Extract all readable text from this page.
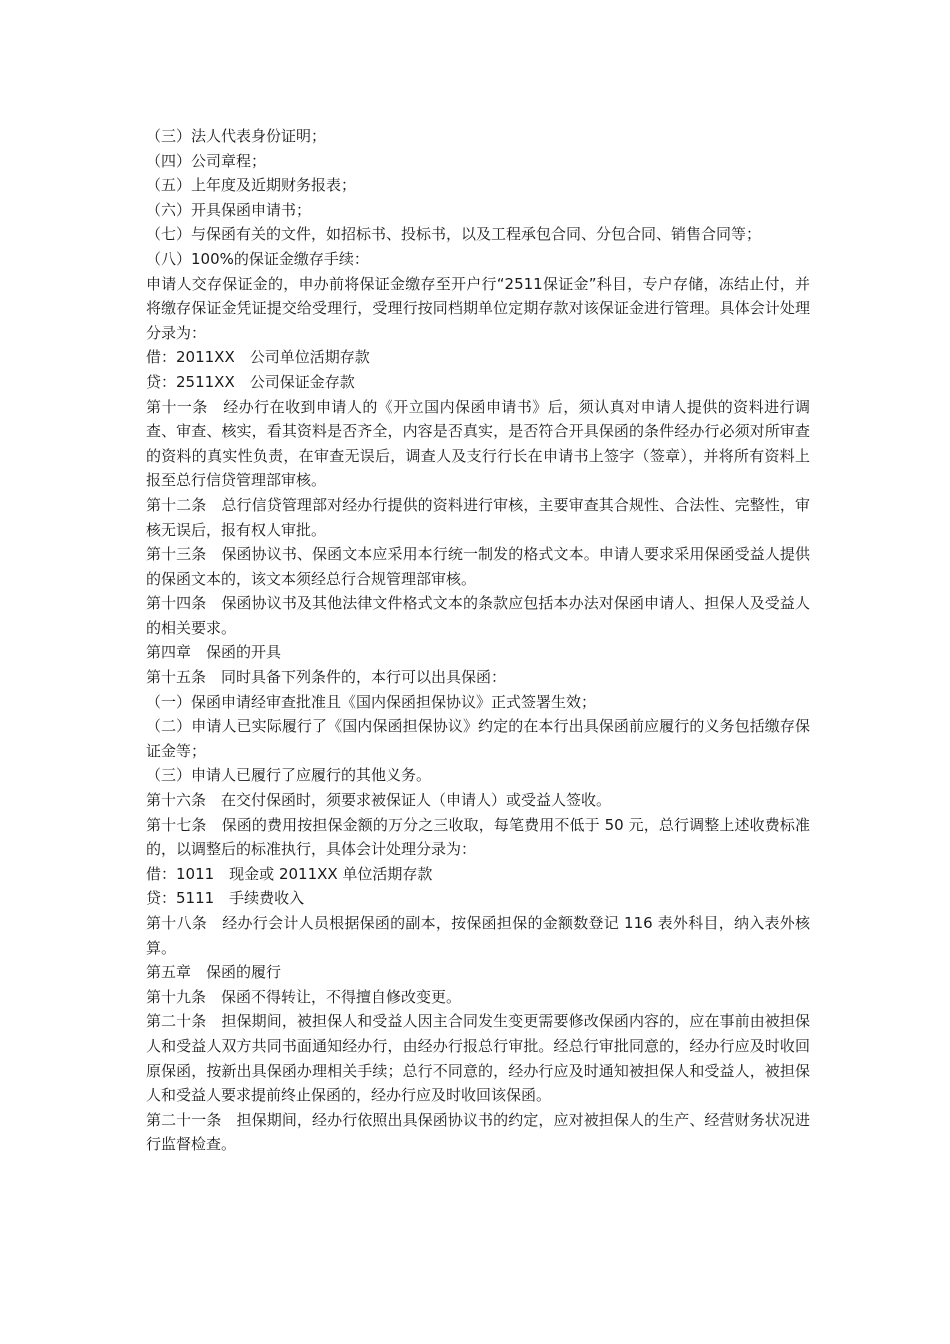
（三）法人代表身份证明；

（四）公司章程；

（五）上年度及近期财务报表；

（六）开具保函申请书；

（七）与保函有关的文件，如招标书、投标书，以及工程承包合同、分包合同、销售合同等；

（八）100%的保证金缴存手续：

申请人交存保证金的，申办前将保证金缴存至开户行“2511保证金”科目，专户存储，冻结止付，并将缴存保证金凭证提交给受理行，受理行按同档期单位定期存款对该保证金进行管理。具体会计处理分录为：

借：2011XX　公司单位活期存款

贷：2511XX　公司保证金存款

第十一条　经办行在收到申请人的《开立国内保函申请书》后，须认真对申请人提供的资料进行调查、审查、核实，看其资料是否齐全，内容是否真实，是否符合开具保函的条件经办行必须对所审查的资料的真实性负责，在审查无误后，调查人及支行行长在申请书上签字（签章），并将所有资料上报至总行信贷管理部审核。

第十二条　总行信贷管理部对经办行提供的资料进行审核，主要审查其合规性、合法性、完整性，审核无误后，报有权人审批。

第十三条　保函协议书、保函文本应采用本行统一制发的格式文本。申请人要求采用保函受益人提供的保函文本的，该文本须经总行合规管理部审核。

第十四条　保函协议书及其他法律文件格式文本的条款应包括本办法对保函申请人、担保人及受益人的相关要求。

第四章　保函的开具

第十五条　同时具备下列条件的，本行可以出具保函：

（一）保函申请经审查批准且《国内保函担保协议》正式签署生效；

（二）申请人已实际履行了《国内保函担保协议》约定的在本行出具保函前应履行的义务包括缴存保证金等；

（三）申请人已履行了应履行的其他义务。

第十六条　在交付保函时，须要求被保证人（申请人）或受益人签收。

第十七条　保函的费用按担保金额的万分之三收取，每笔费用不低于 50 元，总行调整上述收费标准的，以调整后的标准执行，具体会计处理分录为：

借：1011　现金或 2011XX 单位活期存款

贷：5111　手续费收入

第十八条　经办行会计人员根据保函的副本，按保函担保的金额数登记 116 表外科目，纳入表外核算。

第五章　保函的履行

第十九条　保函不得转让，不得擅自修改变更。

第二十条　担保期间，被担保人和受益人因主合同发生变更需要修改保函内容的，应在事前由被担保人和受益人双方共同书面通知经办行，由经办行报总行审批。经总行审批同意的，经办行应及时收回原保函，按新出具保函办理相关手续；总行不同意的，经办行应及时通知被担保人和受益人，被担保人和受益人要求提前终止保函的，经办行应及时收回该保函。

第二十一条　担保期间，经办行依照出具保函协议书的约定，应对被担保人的生产、经营财务状况进行监督检查。
